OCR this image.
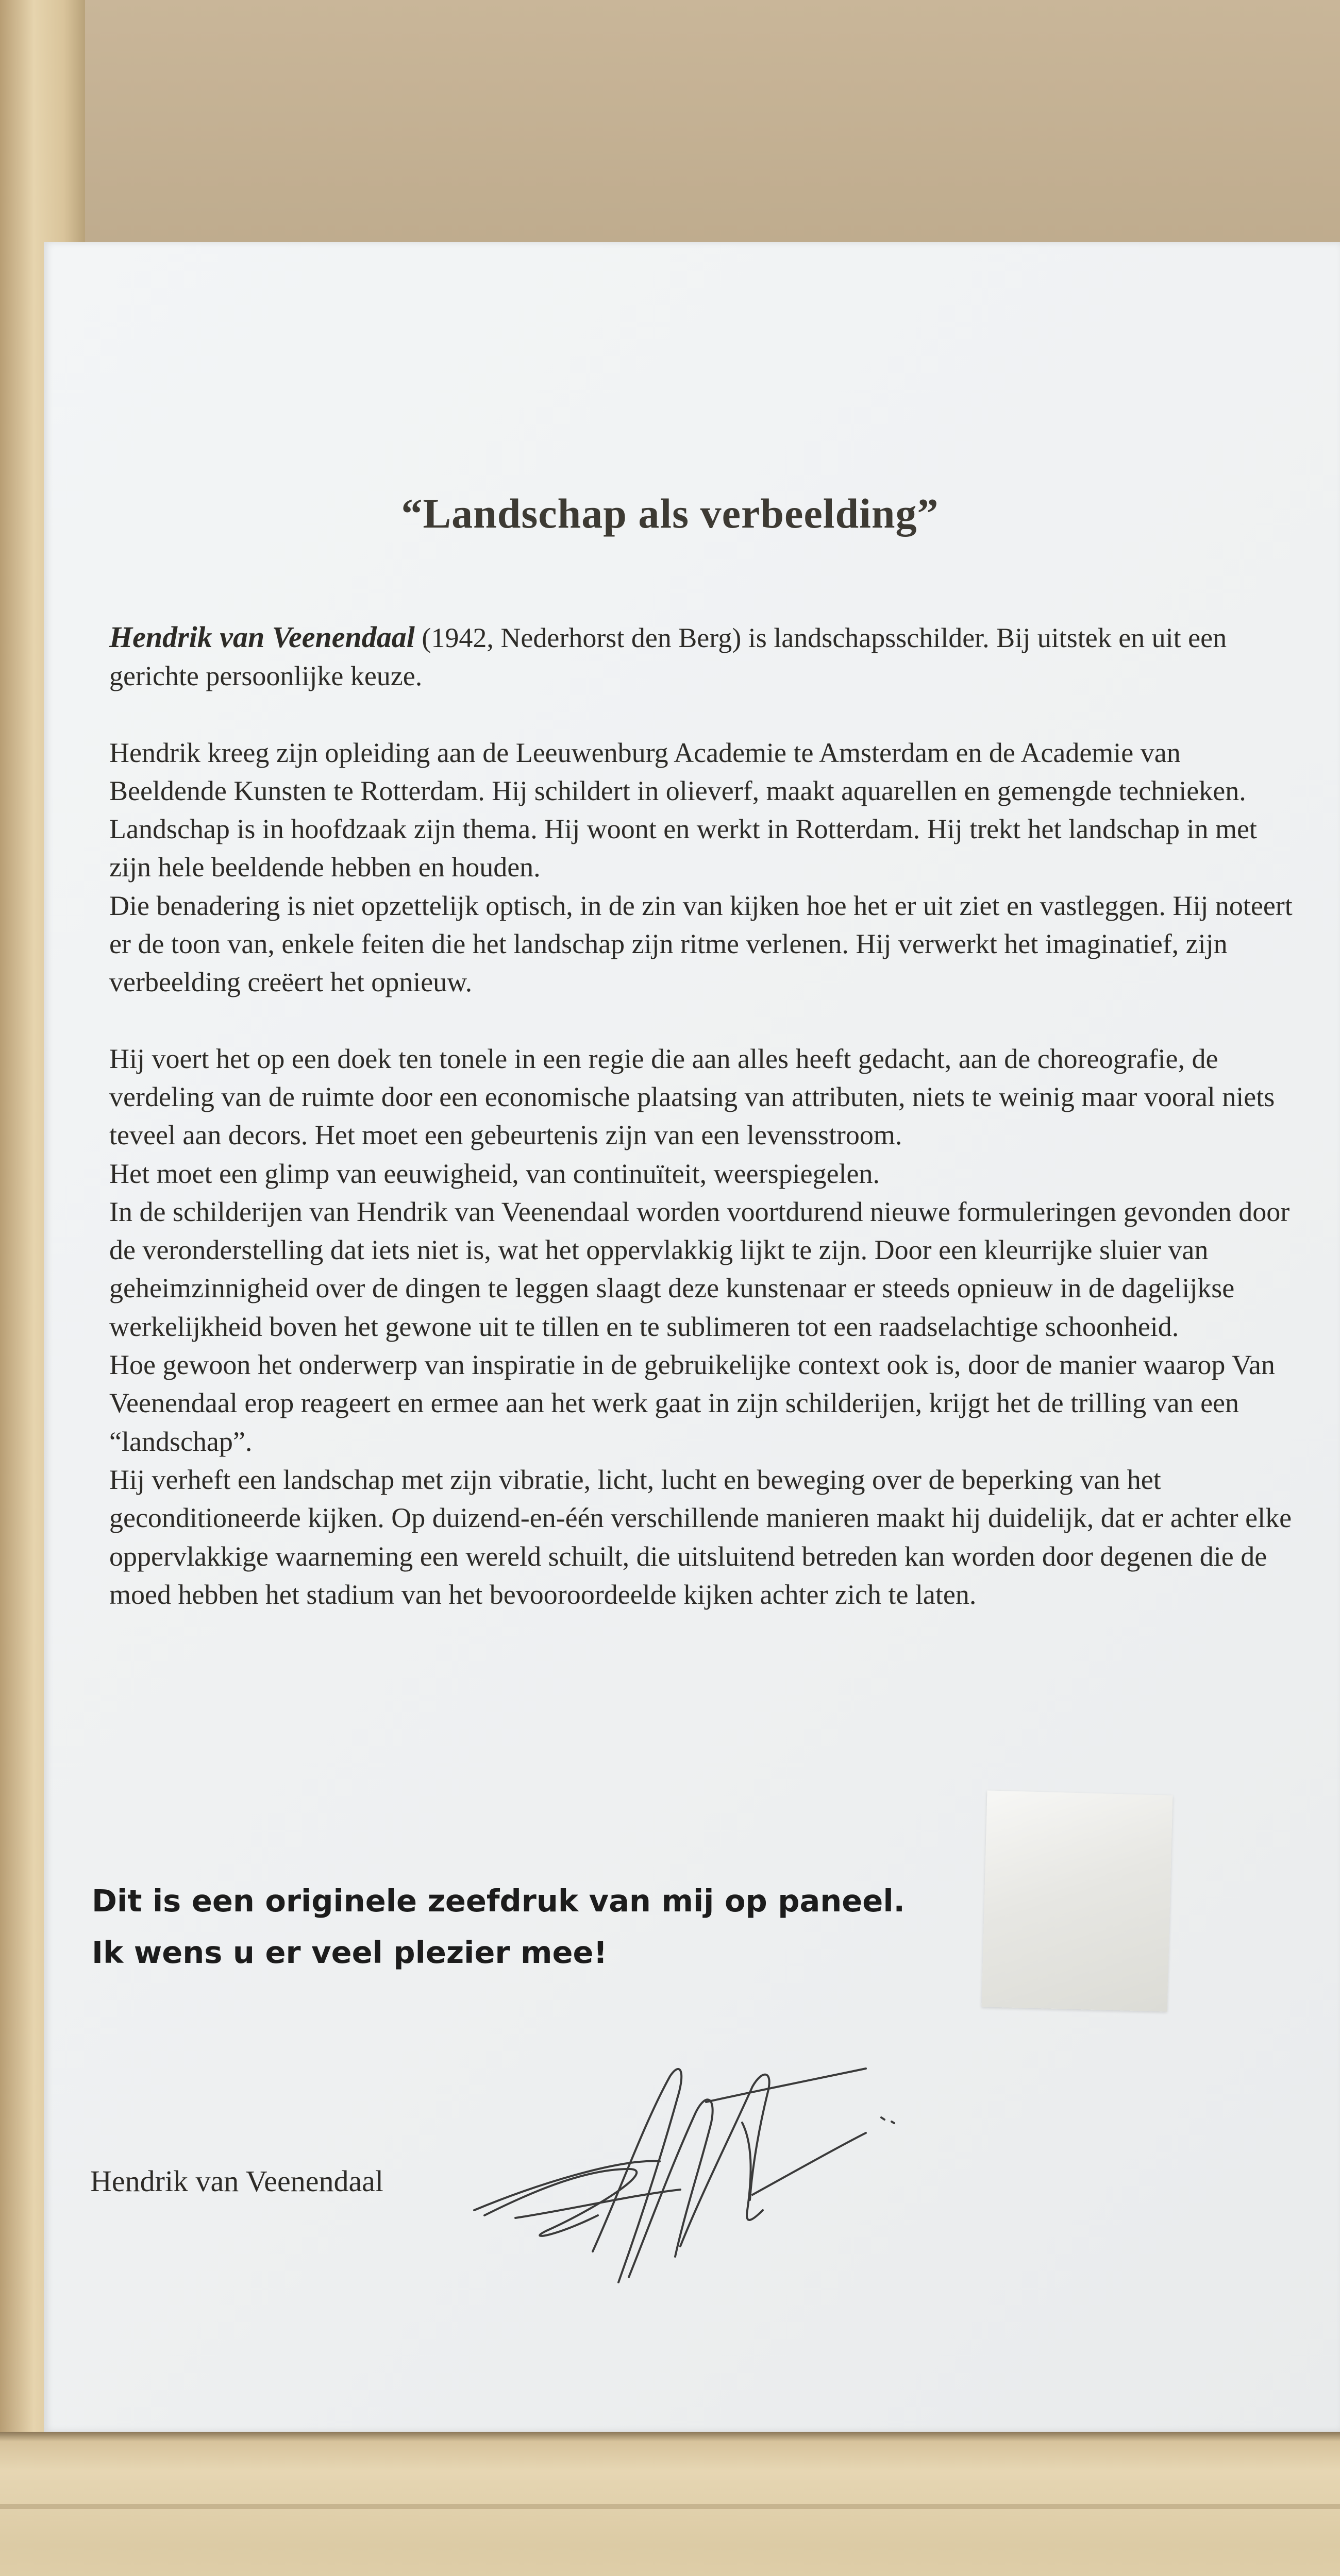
“Landschap als verbeelding”

Hendrik van Veenendaal (1942, Nederhorst den Berg) is landschapsschilder. Bij uitstek en uit een gerichte persoonlijke keuze.

Hendrik kreeg zijn opleiding aan de Leeuwenburg Academie te Amsterdam en de Academie van Beeldende Kunsten te Rotterdam. Hij schildert in olieverf, maakt aquarellen en gemengde technieken.

Landschap is in hoofdzaak zijn thema. Hij woont en werkt in Rotterdam. Hij trekt het landschap in met zijn hele beeldende hebben en houden.

Die benadering is niet opzettelijk optisch, in de zin van kijken hoe het er uit ziet en vastleggen. Hij noteert er de toon van, enkele feiten die het landschap zijn ritme verlenen. Hij verwerkt het imaginatief, zijn verbeelding creëert het opnieuw.

Hij voert het op een doek ten tonele in een regie die aan alles heeft gedacht, aan de choreografie, de verdeling van de ruimte door een economische plaatsing van attributen, niets te weinig maar vooral niets teveel aan decors. Het moet een gebeurtenis zijn van een levensstroom.

Het moet een glimp van eeuwigheid, van continuïteit, weerspiegelen.

In de schilderijen van Hendrik van Veenendaal worden voortdurend nieuwe formuleringen gevonden door de veronderstelling dat iets niet is, wat het oppervlakkig lijkt te zijn. Door een kleurrijke sluier van geheimzinnigheid over de dingen te leggen slaagt deze kunstenaar er steeds opnieuw in de dagelijkse werkelijkheid boven het gewone uit te tillen en te sublimeren tot een raadselachtige schoonheid.

Hoe gewoon het onderwerp van inspiratie in de gebruikelijke context ook is, door de manier waarop Van Veenendaal erop reageert en ermee aan het werk gaat in zijn schilderijen, krijgt het de trilling van een “landschap”.

Hij verheft een landschap met zijn vibratie, licht, lucht en beweging over de beperking van het geconditioneerde kijken. Op duizend-en-één verschillende manieren maakt hij duidelijk, dat er achter elke oppervlakkige waarneming een wereld schuilt, die uitsluitend betreden kan worden door degenen die de moed hebben het stadium van het bevooroordeelde kijken achter zich te laten.

Dit is een originele zeefdruk van mij op paneel.
Ik wens u er veel plezier mee!
Hendrik van Veenendaal
